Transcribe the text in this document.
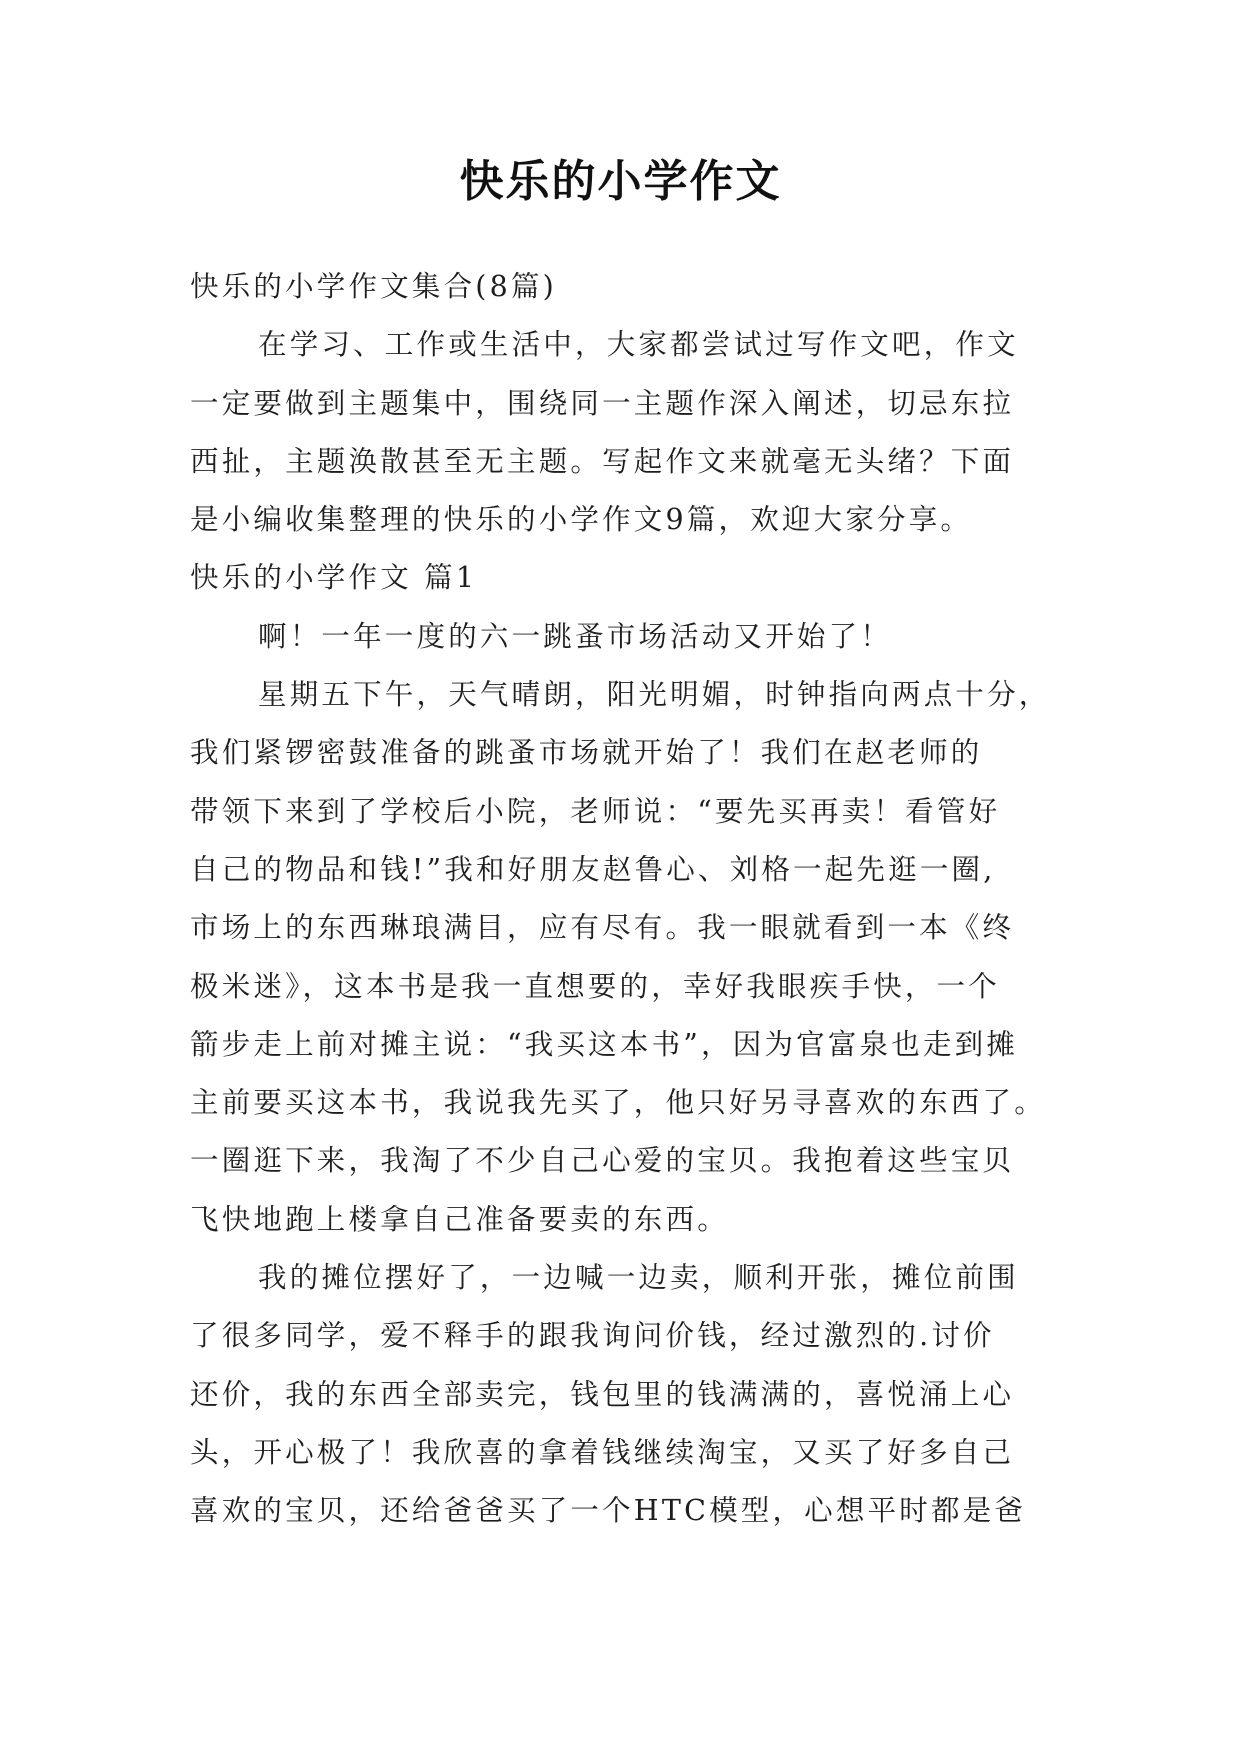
快乐的小学作文
快乐的小学作文集合(8篇)
在学习、工作或生活中，大家都尝试过写作文吧，作文
一定要做到主题集中，围绕同一主题作深入阐述，切忌东拉
西扯，主题涣散甚至无主题。写起作文来就毫无头绪？下面
是小编收集整理的快乐的小学作文9篇，欢迎大家分享。
快乐的小学作文 篇1
啊！一年一度的六一跳蚤市场活动又开始了！
星期五下午，天气晴朗，阳光明媚，时钟指向两点十分，
我们紧锣密鼓准备的跳蚤市场就开始了！我们在赵老师的
带领下来到了学校后小院，老师说：“要先买再卖！看管好
自己的物品和钱!”我和好朋友赵鲁心、刘格一起先逛一圈,
市场上的东西琳琅满目，应有尽有。我一眼就看到一本《终
极米迷》，这本书是我一直想要的，幸好我眼疾手快，一个
箭步走上前对摊主说：“我买这本书”，因为官富泉也走到摊
主前要买这本书，我说我先买了，他只好另寻喜欢的东西了。
一圈逛下来，我淘了不少自己心爱的宝贝。我抱着这些宝贝
飞快地跑上楼拿自己准备要卖的东西。
我的摊位摆好了，一边喊一边卖，顺利开张，摊位前围
了很多同学，爱不释手的跟我询问价钱，经过激烈的.讨价
还价，我的东西全部卖完，钱包里的钱满满的，喜悦涌上心
头，开心极了！我欣喜的拿着钱继续淘宝，又买了好多自己
喜欢的宝贝，还给爸爸买了一个HTC模型，心想平时都是爸
